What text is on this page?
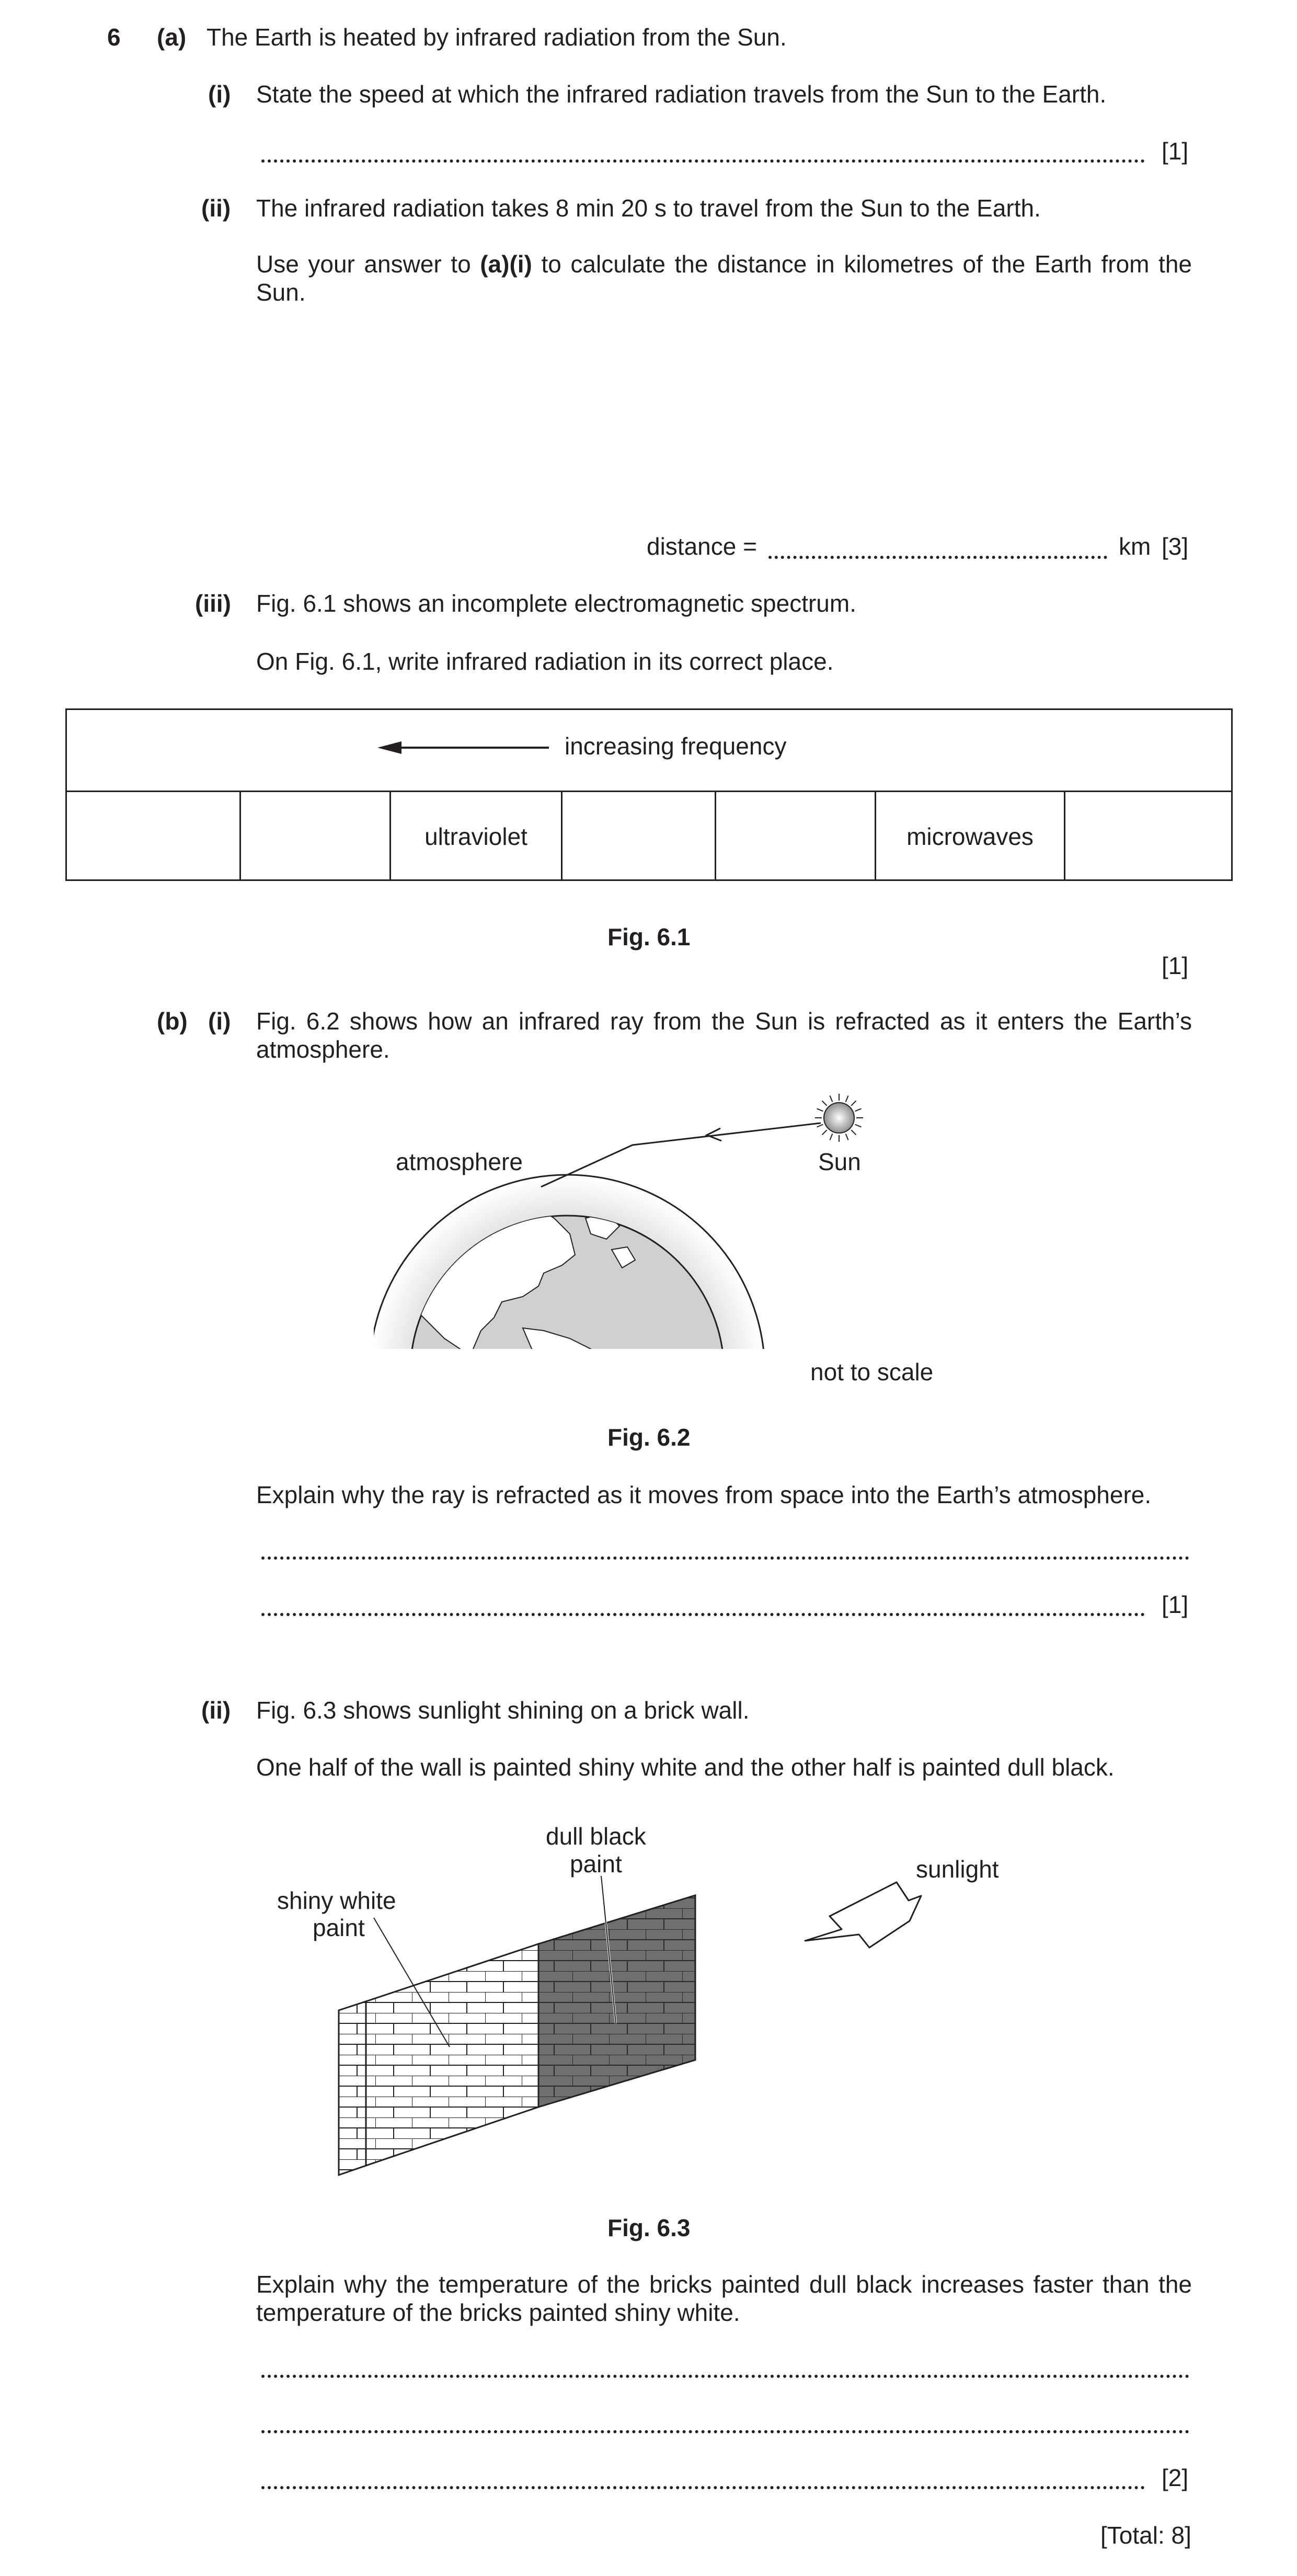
6 (a) The Earth is heated by infrared radiation from the Sun.
(i) State the speed at which the infrared radiation travels from the Sun to the Earth.
[1]
(ii) The infrared radiation takes 8 min 20 s to travel from the Sun to the Earth.
Use your answer to (a)(i) to calculate the distance in kilometres of the Earth from the Sun.
distance =	km [3]
(iii) Fig. 6.1 shows an incomplete electromagnetic spectrum.
On Fig. 6.1, write infrared radiation in its correct place.
increasing frequency
ultraviolet	microwaves
Fig. 6.1
[1]
(b) (i) Fig. 6.2 shows how an infrared ray from the Sun is refracted as it enters the Earth’s atmosphere.
atmosphere	Sun
not to scale
Fig. 6.2
Explain why the ray is refracted as it moves from space into the Earth’s atmosphere.
[1]
(ii) Fig. 6.3 shows sunlight shining on a brick wall.
One half of the wall is painted shiny white and the other half is painted dull black.
dull black
paint
shiny white
paint
sunlight
Fig. 6.3
Explain why the temperature of the bricks painted dull black increases faster than the temperature of the bricks painted shiny white.
[2]
[Total: 8]
